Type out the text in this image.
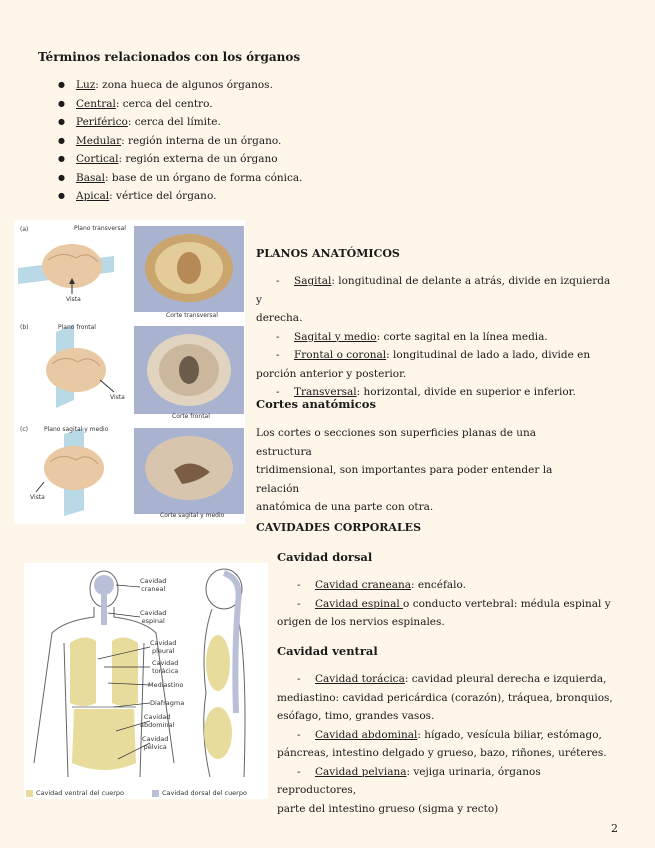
Términos relacionados con los órganos
● Luz: zona hueca de algunos órganos.
● Central: cerca del centro.
● Periférico: cerca del límite.
● Medular: región interna de un órgano.
● Cortical: región externa de un órgano
● Basal: base de un órgano de forma cónica.
● Apical: vértice del órgano.
(a)	Plano transversal
Vista
Corte transversal
(b)	Plano frontal
Vista
Corte frontal
(c)	Plano sagital y medio
Vista
Corte sagital y medio
PLANOS ANATÓMICOS

- Sagital: longitudinal de delante a atrás, divide en izquierda y

derecha.

- Sagital y medio: corte sagital en la línea media.

- Frontal o coronal: longitudinal de lado a lado, divide en

porción anterior y posterior.

- Transversal: horizontal, divide en superior e inferior.

Cortes anatómicos
Los cortes o secciones son superficies planas de una estructura
tridimensional, son importantes para poder entender la relación
anatómica de una parte con otra.
Cavidad
craneal
Cavidad
espinal
Cavidad
pleural
Cavidad
torácica
Mediastino
Diafragma
Cavidad
abdominal
Cavidad
pélvica
Cavidad ventral del cuerpo	Cavidad dorsal del cuerpo
CAVIDADES CORPORALES
Cavidad dorsal

- Cavidad craneana: encéfalo.

- Cavidad espinal o conducto vertebral: médula espinal y

origen de los nervios espinales.

Cavidad ventral

- Cavidad torácica: cavidad pleural derecha e izquierda,

mediastino: cavidad pericárdica (corazón), tráquea, bronquios,

esófago, timo, grandes vasos.

- Cavidad abdominal: hígado, vesícula biliar, estómago,

páncreas, intestino delgado y grueso, bazo, riñones, uréteres.

- Cavidad pelviana: vejiga urinaria, órganos reproductores,

parte del intestino grueso (sigma y recto)

2
